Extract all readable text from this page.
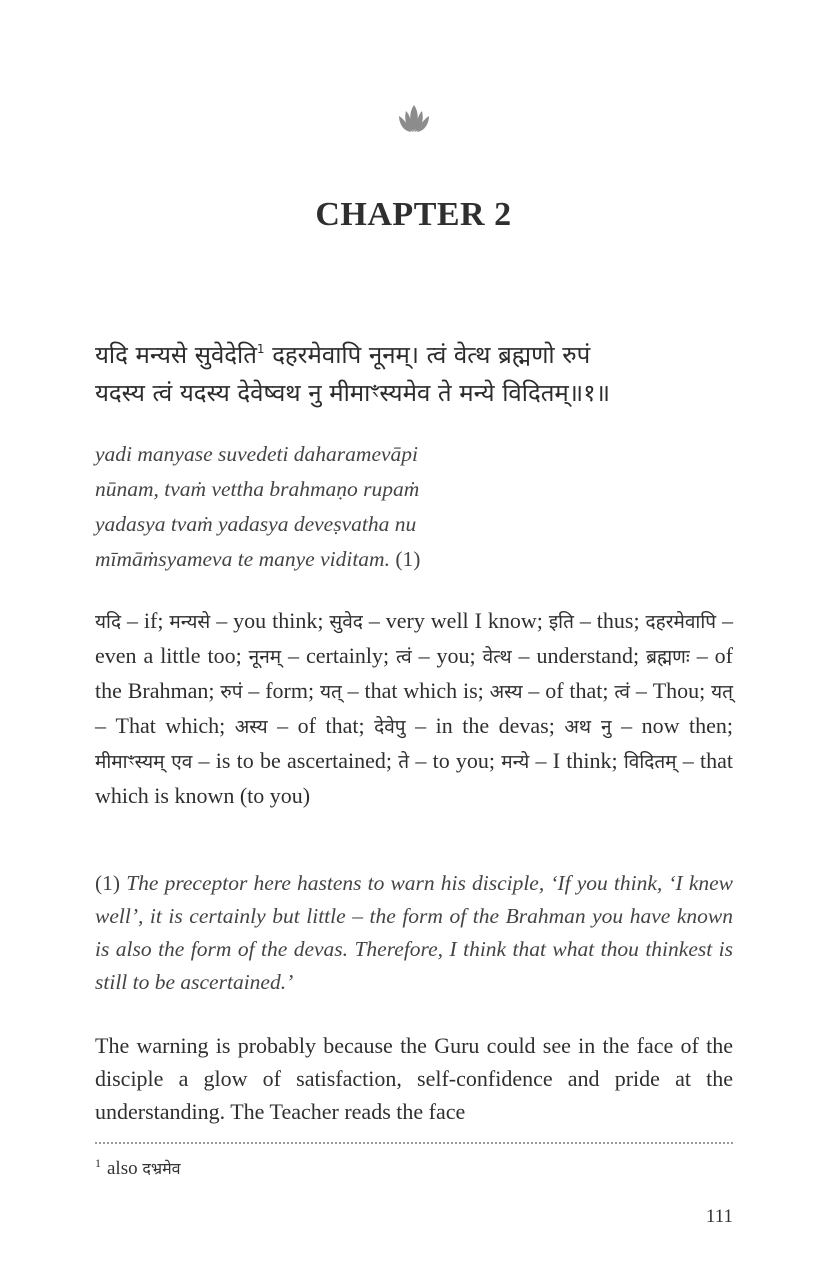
CHAPTER 2
यदि मन्यसे सुवेदेति$^1$ दहरमेवापि नूनम्। त्वं वेत्थ ब्रह्मणो रुपं
यदस्य त्वं यदस्य देवेष्वथ नु मीमाꣳस्यमेव ते मन्ये विदितम्॥१॥
yadi manyase suvedeti daharamevāpi
nūnam, tvaṁ vettha brahmaṇo rupaṁ
yadasya tvaṁ yadasya deveṣvatha nu
mīmāṁsyameva te manye viditam. (1)
यदि – if; मन्यसे – you think; सुवेद – very well I know; इति – thus; दहरमेवापि – even a little too; नूनम् – certainly; त्वं – you; वेत्थ – understand; ब्रह्मणः – of the Brahman; रुपं – form; यत् – that which is; अस्य – of that; त्वं – Thou; यत् – That which; अस्य – of that; देवेपु – in the devas; अथ नु – now then; मीमाꣳस्यम् एव – is to be ascertained; ते – to you; मन्ये – I think; विदितम् – that which is known (to you)
(1) The preceptor here hastens to warn his disciple, ‘If you think, ‘I knew well’, it is certainly but little – the form of the Brahman you have known is also the form of the devas. Therefore, I think that what thou thinkest is still to be ascertained.’
The warning is probably because the Guru could see in the face of the disciple a glow of satisfaction, self-confidence and pride at the understanding. The Teacher reads the face
$^1$ also दभ्रमेव
111
